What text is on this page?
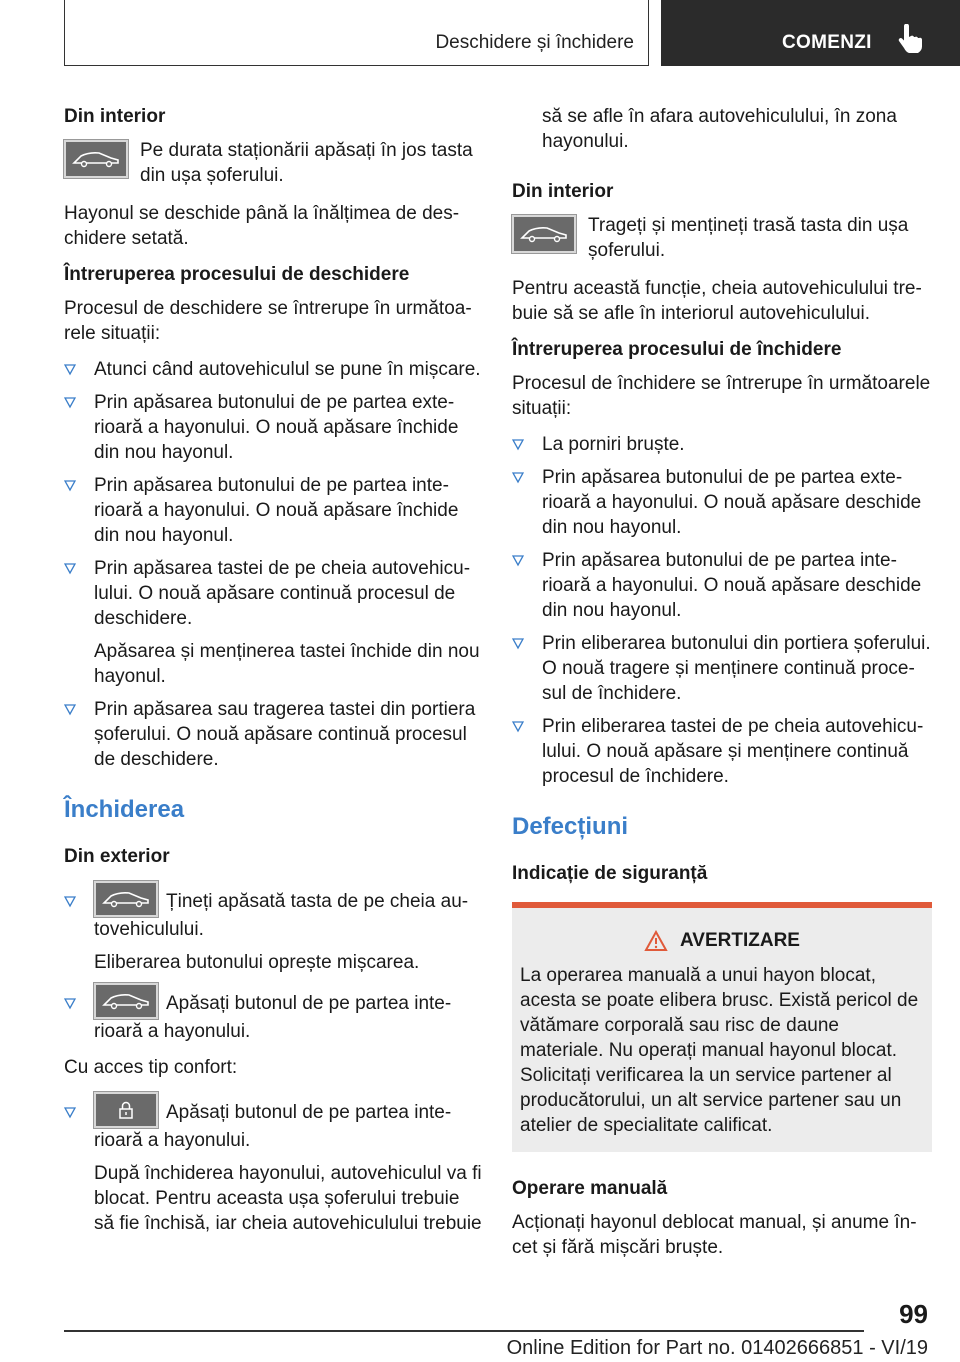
Deschidere și închidere	COMENZI
Din interior
Pe durata staționării apăsați în jos tasta din ușa șoferului.

Hayonul se deschide până la înălțimea de deschidere setată.

Întreruperea procesului de deschidere

Procesul de deschidere se întrerupe în următoarele situații:

Atunci când autovehiculul se pune în mișcare.
Prin apăsarea butonului de pe partea exterioară a hayonului. O nouă apăsare închide din nou hayonul.
Prin apăsarea butonului de pe partea interioară a hayonului. O nouă apăsare închide din nou hayonul.
Prin apăsarea tastei de pe cheia autovehiculului. O nouă apăsare continuă procesul de deschidere.
Apăsarea și menținerea tastei închide din nou hayonul.
Prin apăsarea sau tragerea tastei din portiera șoferului. O nouă apăsare continuă procesul de deschidere.
Închiderea
Din exterior
Țineți apăsată tasta de pe cheia autovehiculului.
Eliberarea butonului oprește mișcarea.
Apăsați butonul de pe partea interioară a hayonului.

Cu acces tip confort:

Apăsați butonul de pe partea interioară a hayonului.
După închiderea hayonului, autovehiculul va fi blocat. Pentru aceasta ușa șoferului trebuie să fie închisă, iar cheia autovehiculului trebuie

să se afle în afara autovehiculului, în zona hayonului.

Din interior
Trageți și mențineți trasă tasta din ușa șoferului.

Pentru această funcție, cheia autovehiculului trebuie să se afle în interiorul autovehiculului.

Întreruperea procesului de închidere

Procesul de închidere se întrerupe în următoarele situații:

La porniri bruște.
Prin apăsarea butonului de pe partea exterioară a hayonului. O nouă apăsare deschide din nou hayonul.
Prin apăsarea butonului de pe partea interioară a hayonului. O nouă apăsare deschide din nou hayonul.
Prin eliberarea butonului din portiera șoferului. O nouă tragere și menținere continuă procesul de închidere.
Prin eliberarea tastei de pe cheia autovehiculului. O nouă apăsare și menținere continuă procesul de închidere.
Defecțiuni
Indicație de siguranță
AVERTIZARE
La operarea manuală a unui hayon blocat, acesta se poate elibera brusc. Există pericol de vătămare corporală sau risc de daune materiale. Nu operați manual hayonul blocat. Solicitați verificarea la un service partener al producătorului, un alt service partener sau un atelier de specialitate calificat.
Operare manuală

Acționați hayonul deblocat manual, și anume încet și fără mișcări bruște.

99
Online Edition for Part no. 01402666851 - VI/19
